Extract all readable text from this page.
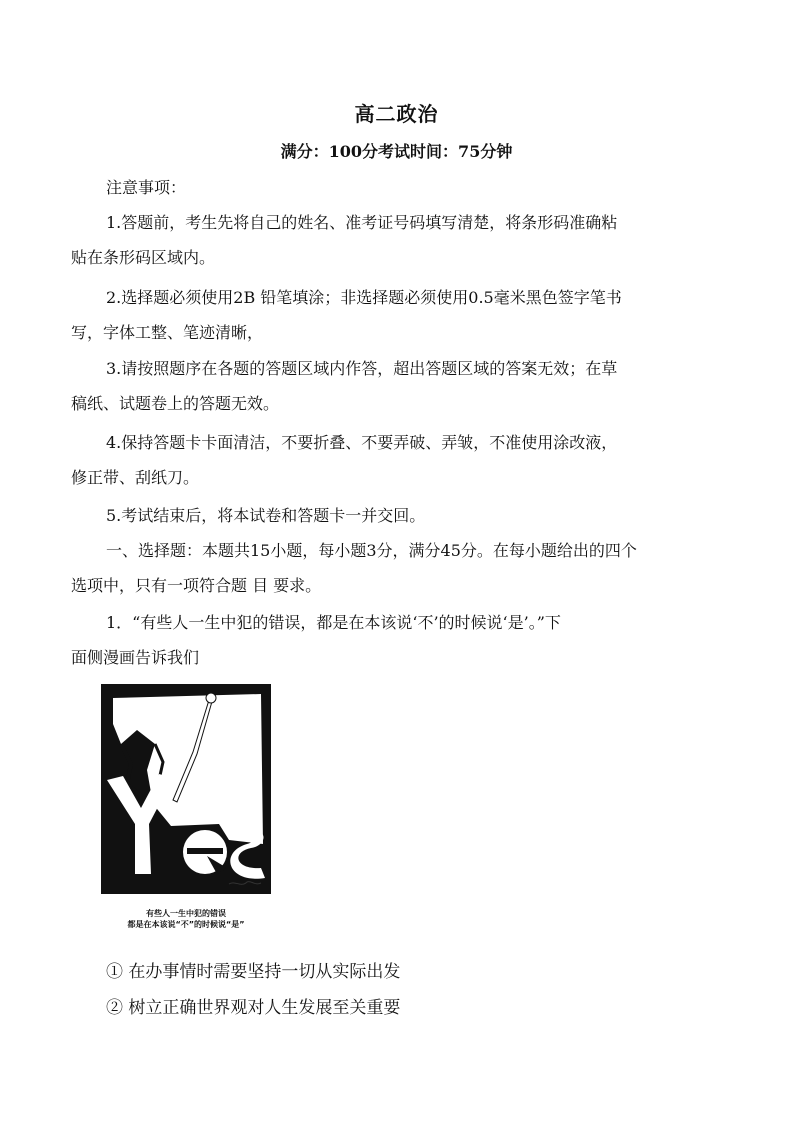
高二政治
满分：100分考试时间：75分钟

注意事项：

1.答题前，考生先将自己的姓名、准考证号码填写清楚，将条形码准确粘
贴在条形码区域内。

2.选择题必须使用2B 铅笔填涂；非选择题必须使用0.5毫米黑色签字笔书
写，字体工整、笔迹清晰，

3.请按照题序在各题的答题区域内作答，超出答题区域的答案无效；在草
稿纸、试题卷上的答题无效。

4.保持答题卡卡面清洁，不要折叠、不要弄破、弄皱，不准使用涂改液，
修正带、刮纸刀。

5.考试结束后，将本试卷和答题卡一并交回。

一、选择题：本题共15小题，每小题3分，满分45分。在每小题给出的四个
选项中，只有一项符合题 目 要求。

1．“有些人一生中犯的错误，都是在本该说‘不’的时候说‘是’。”下
面侧漫画告诉我们

有些人一生中犯的错误
都是在本该说“不”的时候说“是”
① 在办事情时需要坚持一切从实际出发
② 树立正确世界观对人生发展至关重要
